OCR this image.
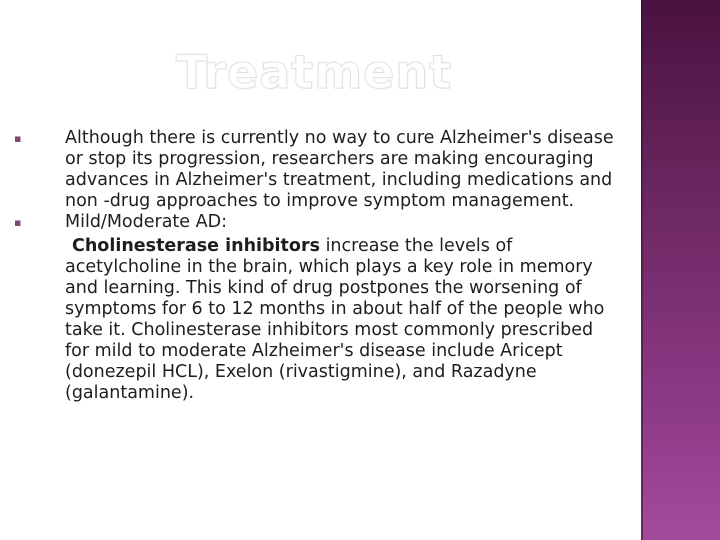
Treatment

▪ Although there is currently no way to cure Alzheimer's disease or stop its progression, researchers are making encouraging advances in Alzheimer's treatment, including medications and non -drug approaches to improve symptom management.

▪ Mild/Moderate AD:

Cholinesterase inhibitors increase the levels of acetylcholine in the brain, which plays a key role in memory and learning. This kind of drug postpones the worsening of symptoms for 6 to 12 months in about half of the people who take it. Cholinesterase inhibitors most commonly prescribed for mild to moderate Alzheimer's disease include Aricept (donezepil HCL), Exelon (rivastigmine), and Razadyne (galantamine).
